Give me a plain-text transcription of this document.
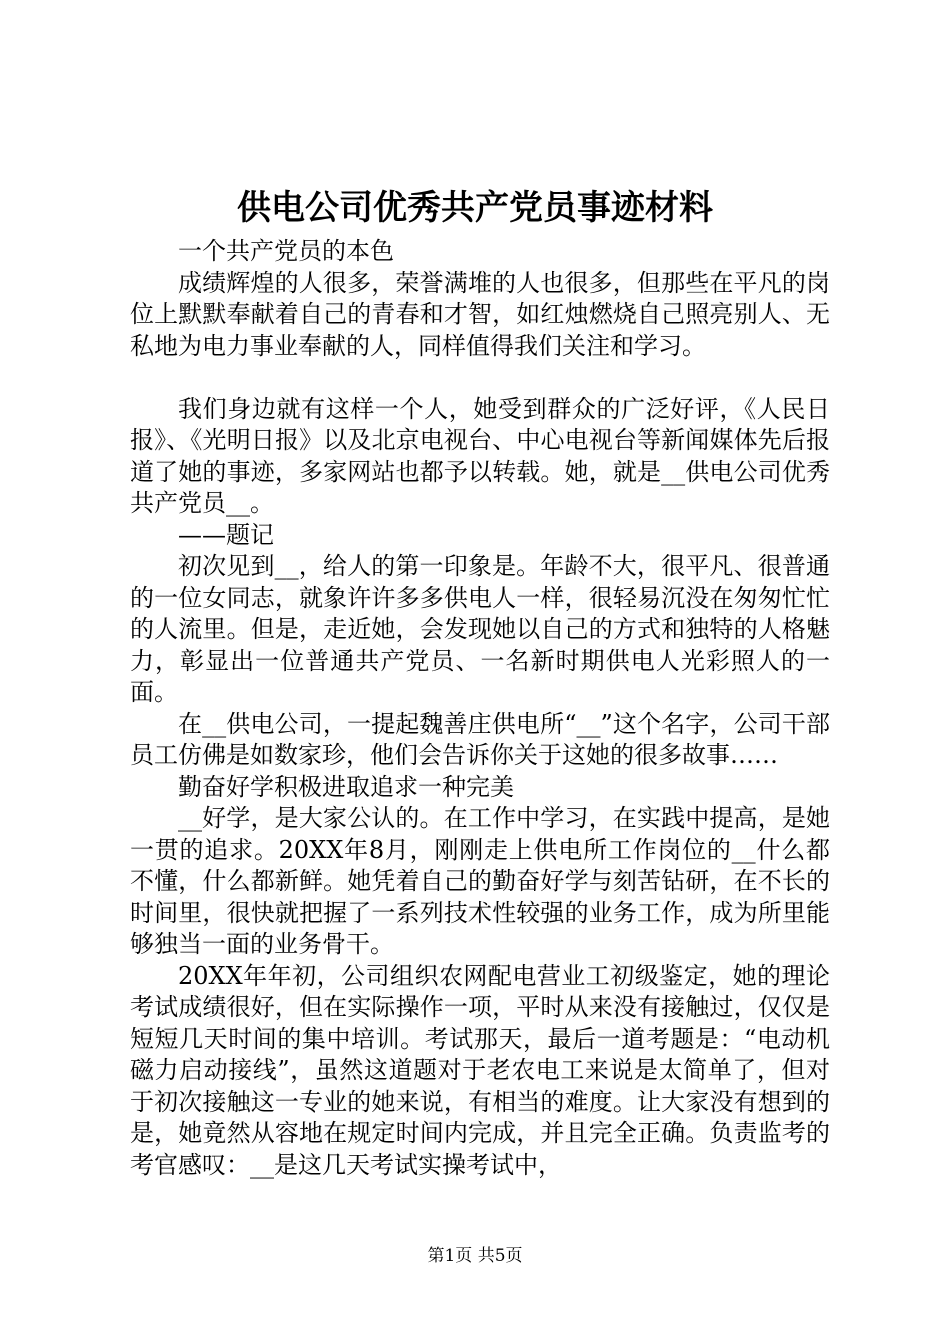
供电公司优秀共产党员事迹材料

一个共产党员的本色

成绩辉煌的人很多，荣誉满堆的人也很多，但那些在平凡的岗位上默默奉献着自己的青春和才智，如红烛燃烧自己照亮别人、无私地为电力事业奉献的人，同样值得我们关注和学习。

我们身边就有这样一个人，她受到群众的广泛好评，《人民日报》、《光明日报》以及北京电视台、中心电视台等新闻媒体先后报道了她的事迹，多家网站也都予以转载。她，就是__供电公司优秀共产党员__。

——题记

初次见到__，给人的第一印象是。年龄不大，很平凡、很普通的一位女同志，就象许许多多供电人一样，很轻易沉没在匆匆忙忙的人流里。但是，走近她，会发现她以自己的方式和独特的人格魅力，彰显出一位普通共产党员、一名新时期供电人光彩照人的一面。

在__供电公司，一提起魏善庄供电所“__”这个名字，公司干部员工仿佛是如数家珍，他们会告诉你关于这她的很多故事……

勤奋好学积极进取追求一种完美

__好学，是大家公认的。在工作中学习，在实践中提高，是她一贯的追求。20XX年8月，刚刚走上供电所工作岗位的__什么都不懂，什么都新鲜。她凭着自己的勤奋好学与刻苦钻研，在不长的时间里，很快就把握了一系列技术性较强的业务工作，成为所里能够独当一面的业务骨干。

20XX年年初，公司组织农网配电营业工初级鉴定，她的理论考试成绩很好，但在实际操作一项，平时从来没有接触过，仅仅是短短几天时间的集中培训。考试那天，最后一道考题是：“电动机磁力启动接线”，虽然这道题对于老农电工来说是太简单了，但对于初次接触这一专业的她来说，有相当的难度。让大家没有想到的是，她竟然从容地在规定时间内完成，并且完全正确。负责监考的考官感叹：__是这几天考试实操考试中，

第1页 共5页
